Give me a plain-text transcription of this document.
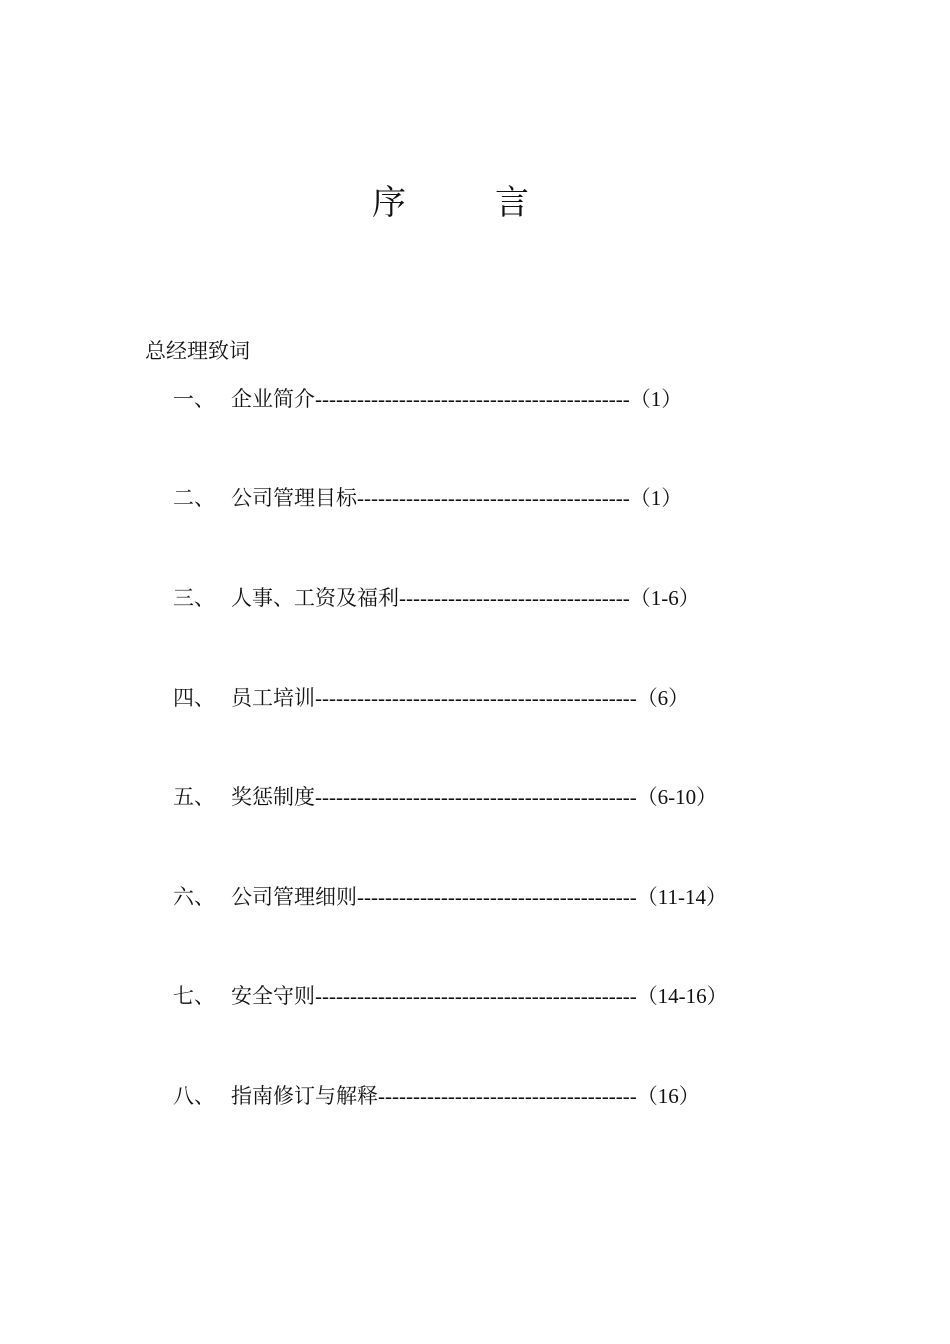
序	言
总经理致词
一、 企业简介 --------------------------------------------- （1）
二、 公司管理目标 --------------------------------------- （1）
三、 人事、工资及福利 --------------------------------- （1-6）
四、 员工培训 ---------------------------------------------- （6）
五、 奖惩制度 ---------------------------------------------- （6-10）
六、 公司管理细则 ---------------------------------------- （11-14）
七、 安全守则 ---------------------------------------------- （14-16）
八、 指南修订与解释 ------------------------------------- （16）
